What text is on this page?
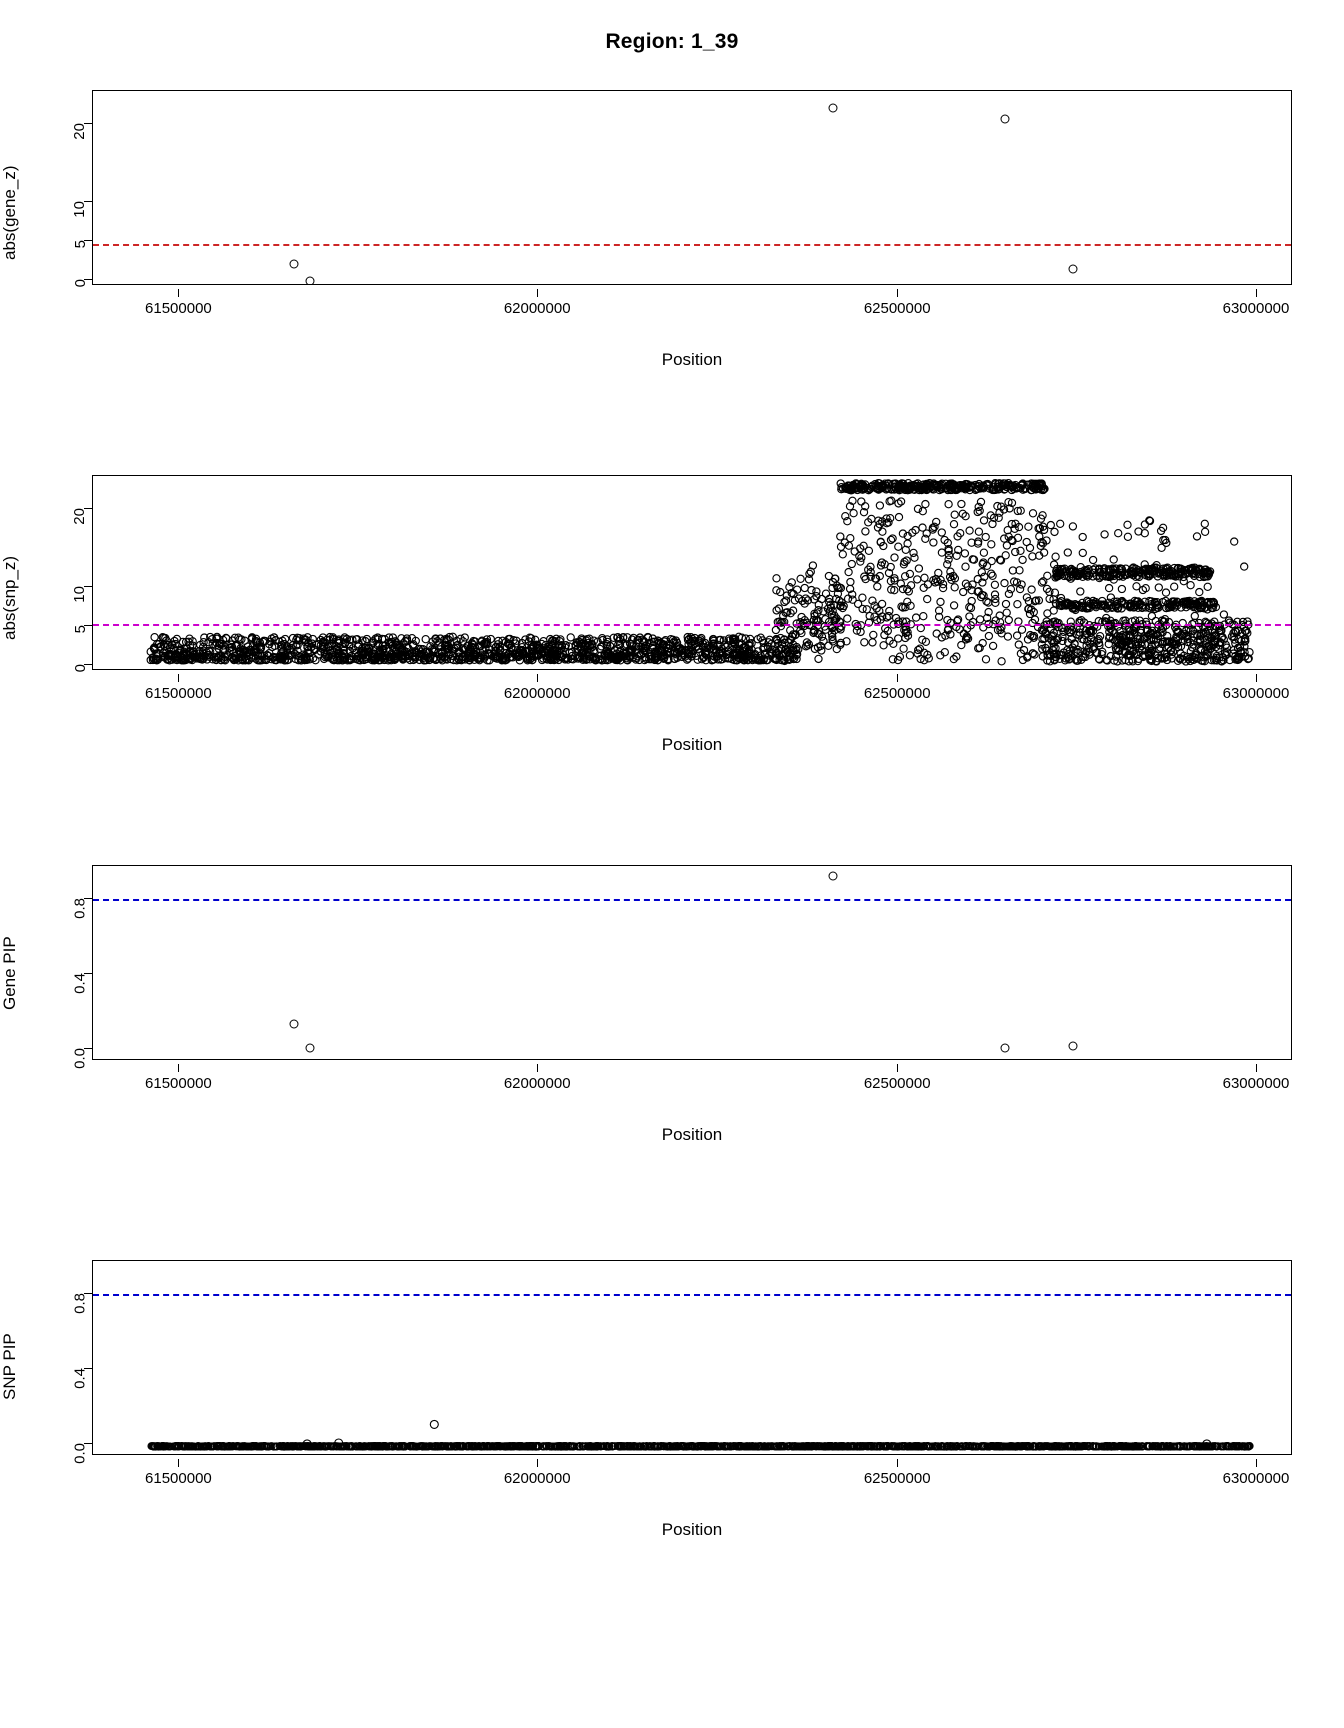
Region: 1_39
abs(gene_z)
0
5
10
20
61500000	62000000	62500000	63000000
Position
abs(snp_z)
0
5
10
20
61500000	62000000	62500000	63000000
Position
Gene PIP
0.0
0.4
0.8
61500000	62000000	62500000	63000000
Position
SNP PIP
0.0
0.4
0.8
61500000	62000000	62500000	63000000
Position
